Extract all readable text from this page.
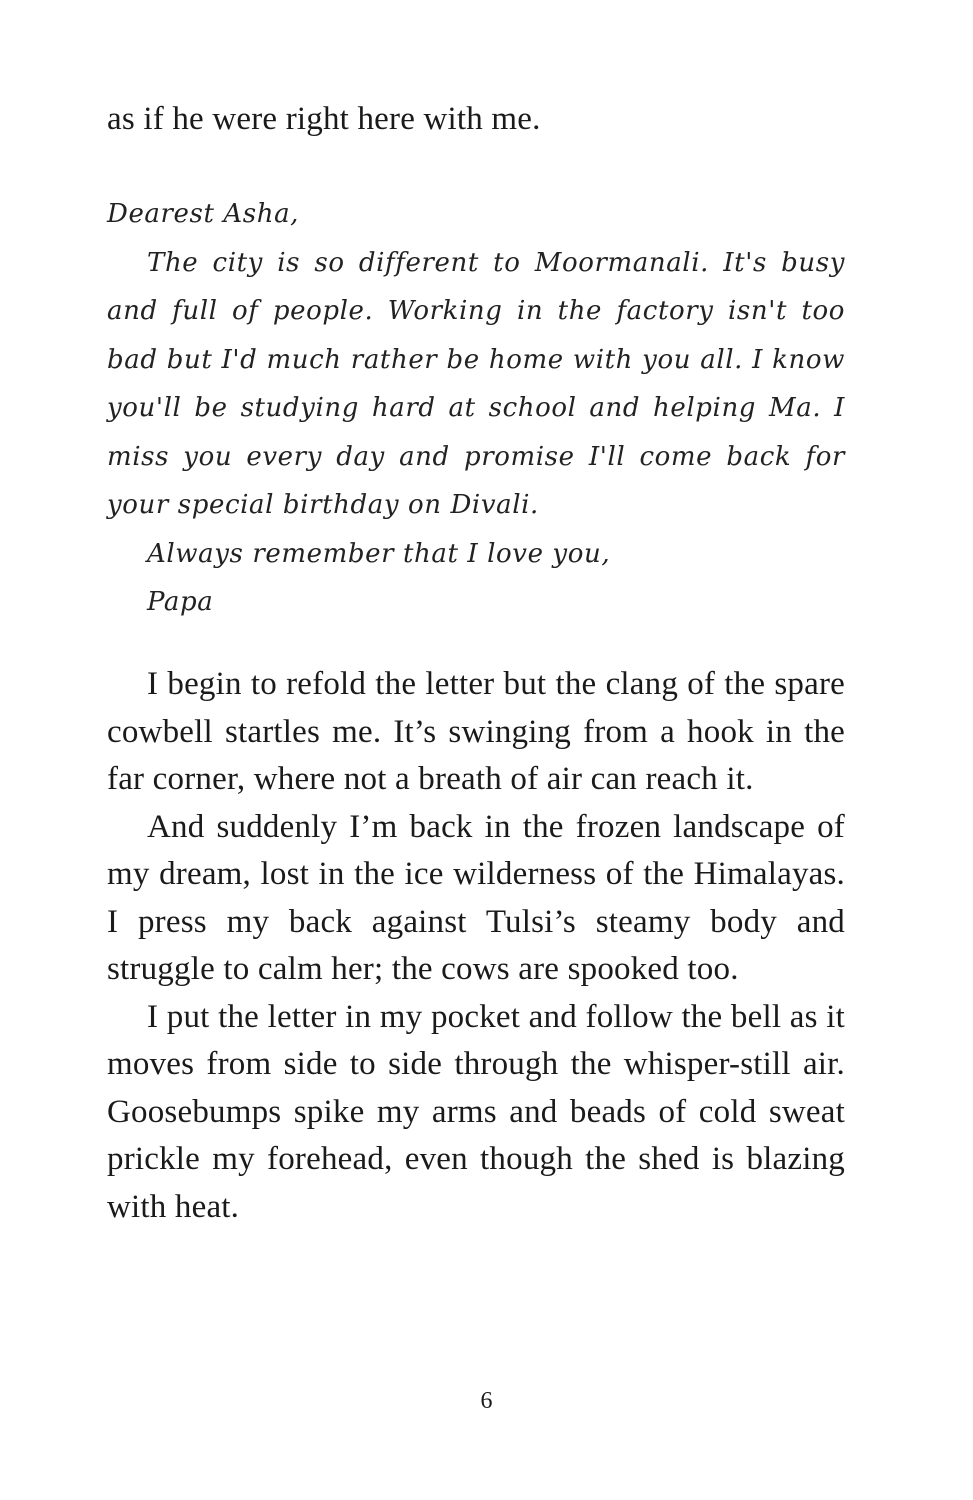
as if he were right here with me.

Dearest Asha,

The city is so different to Moormanali. It's busy and full of people. Working in the factory isn't too bad but I'd much rather be home with you all. I know you'll be studying hard at school and helping Ma. I miss you every day and promise I'll come back for your special birthday on Divali.

Always remember that I love you,

Papa

I begin to refold the letter but the clang of the spare cowbell startles me. It’s swinging from a hook in the far corner, where not a breath of air can reach it.

And suddenly I’m back in the frozen landscape of my dream, lost in the ice wilderness of the Himalayas. I press my back against Tulsi’s steamy body and struggle to calm her; the cows are spooked too.

I put the letter in my pocket and follow the bell as it moves from side to side through the whisper-still air. Goosebumps spike my arms and beads of cold sweat prickle my forehead, even though the shed is blazing with heat.

6
